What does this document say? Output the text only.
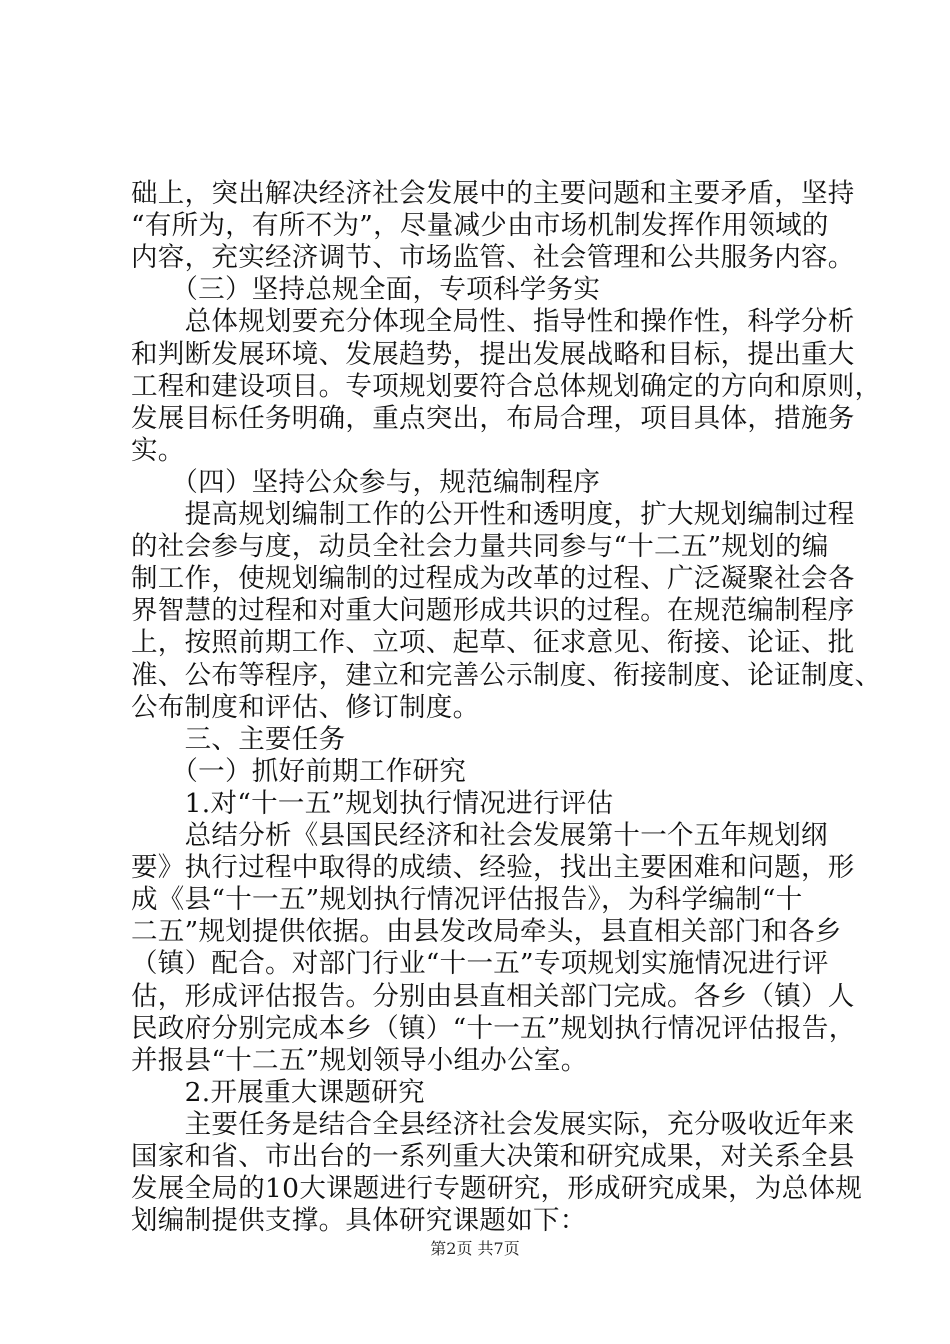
础上，突出解决经济社会发展中的主要问题和主要矛盾，坚持
“有所为，有所不为”，尽量减少由市场机制发挥作用领域的
内容，充实经济调节、市场监管、社会管理和公共服务内容。
　　（三）坚持总规全面，专项科学务实
　　总体规划要充分体现全局性、指导性和操作性，科学分析
和判断发展环境、发展趋势，提出发展战略和目标，提出重大
工程和建设项目。专项规划要符合总体规划确定的方向和原则，
发展目标任务明确，重点突出，布局合理，项目具体，措施务
实。
　　（四）坚持公众参与，规范编制程序
　　提高规划编制工作的公开性和透明度，扩大规划编制过程
的社会参与度，动员全社会力量共同参与“十二五”规划的编
制工作，使规划编制的过程成为改革的过程、广泛凝聚社会各
界智慧的过程和对重大问题形成共识的过程。在规范编制程序
上，按照前期工作、立项、起草、征求意见、衔接、论证、批
准、公布等程序，建立和完善公示制度、衔接制度、论证制度、
公布制度和评估、修订制度。
　　三、主要任务
　　（一）抓好前期工作研究
　　1.对“十一五”规划执行情况进行评估
　　总结分析《县国民经济和社会发展第十一个五年规划纲
要》执行过程中取得的成绩、经验，找出主要困难和问题，形
成《县“十一五”规划执行情况评估报告》，为科学编制“十
二五”规划提供依据。由县发改局牵头，县直相关部门和各乡
（镇）配合。对部门行业“十一五”专项规划实施情况进行评
估，形成评估报告。分别由县直相关部门完成。各乡（镇）人
民政府分别完成本乡（镇）“十一五”规划执行情况评估报告，
并报县“十二五”规划领导小组办公室。
　　2.开展重大课题研究
　　主要任务是结合全县经济社会发展实际，充分吸收近年来
国家和省、市出台的一系列重大决策和研究成果，对关系全县
发展全局的10大课题进行专题研究，形成研究成果，为总体规
划编制提供支撑。具体研究课题如下：
第2页 共7页
